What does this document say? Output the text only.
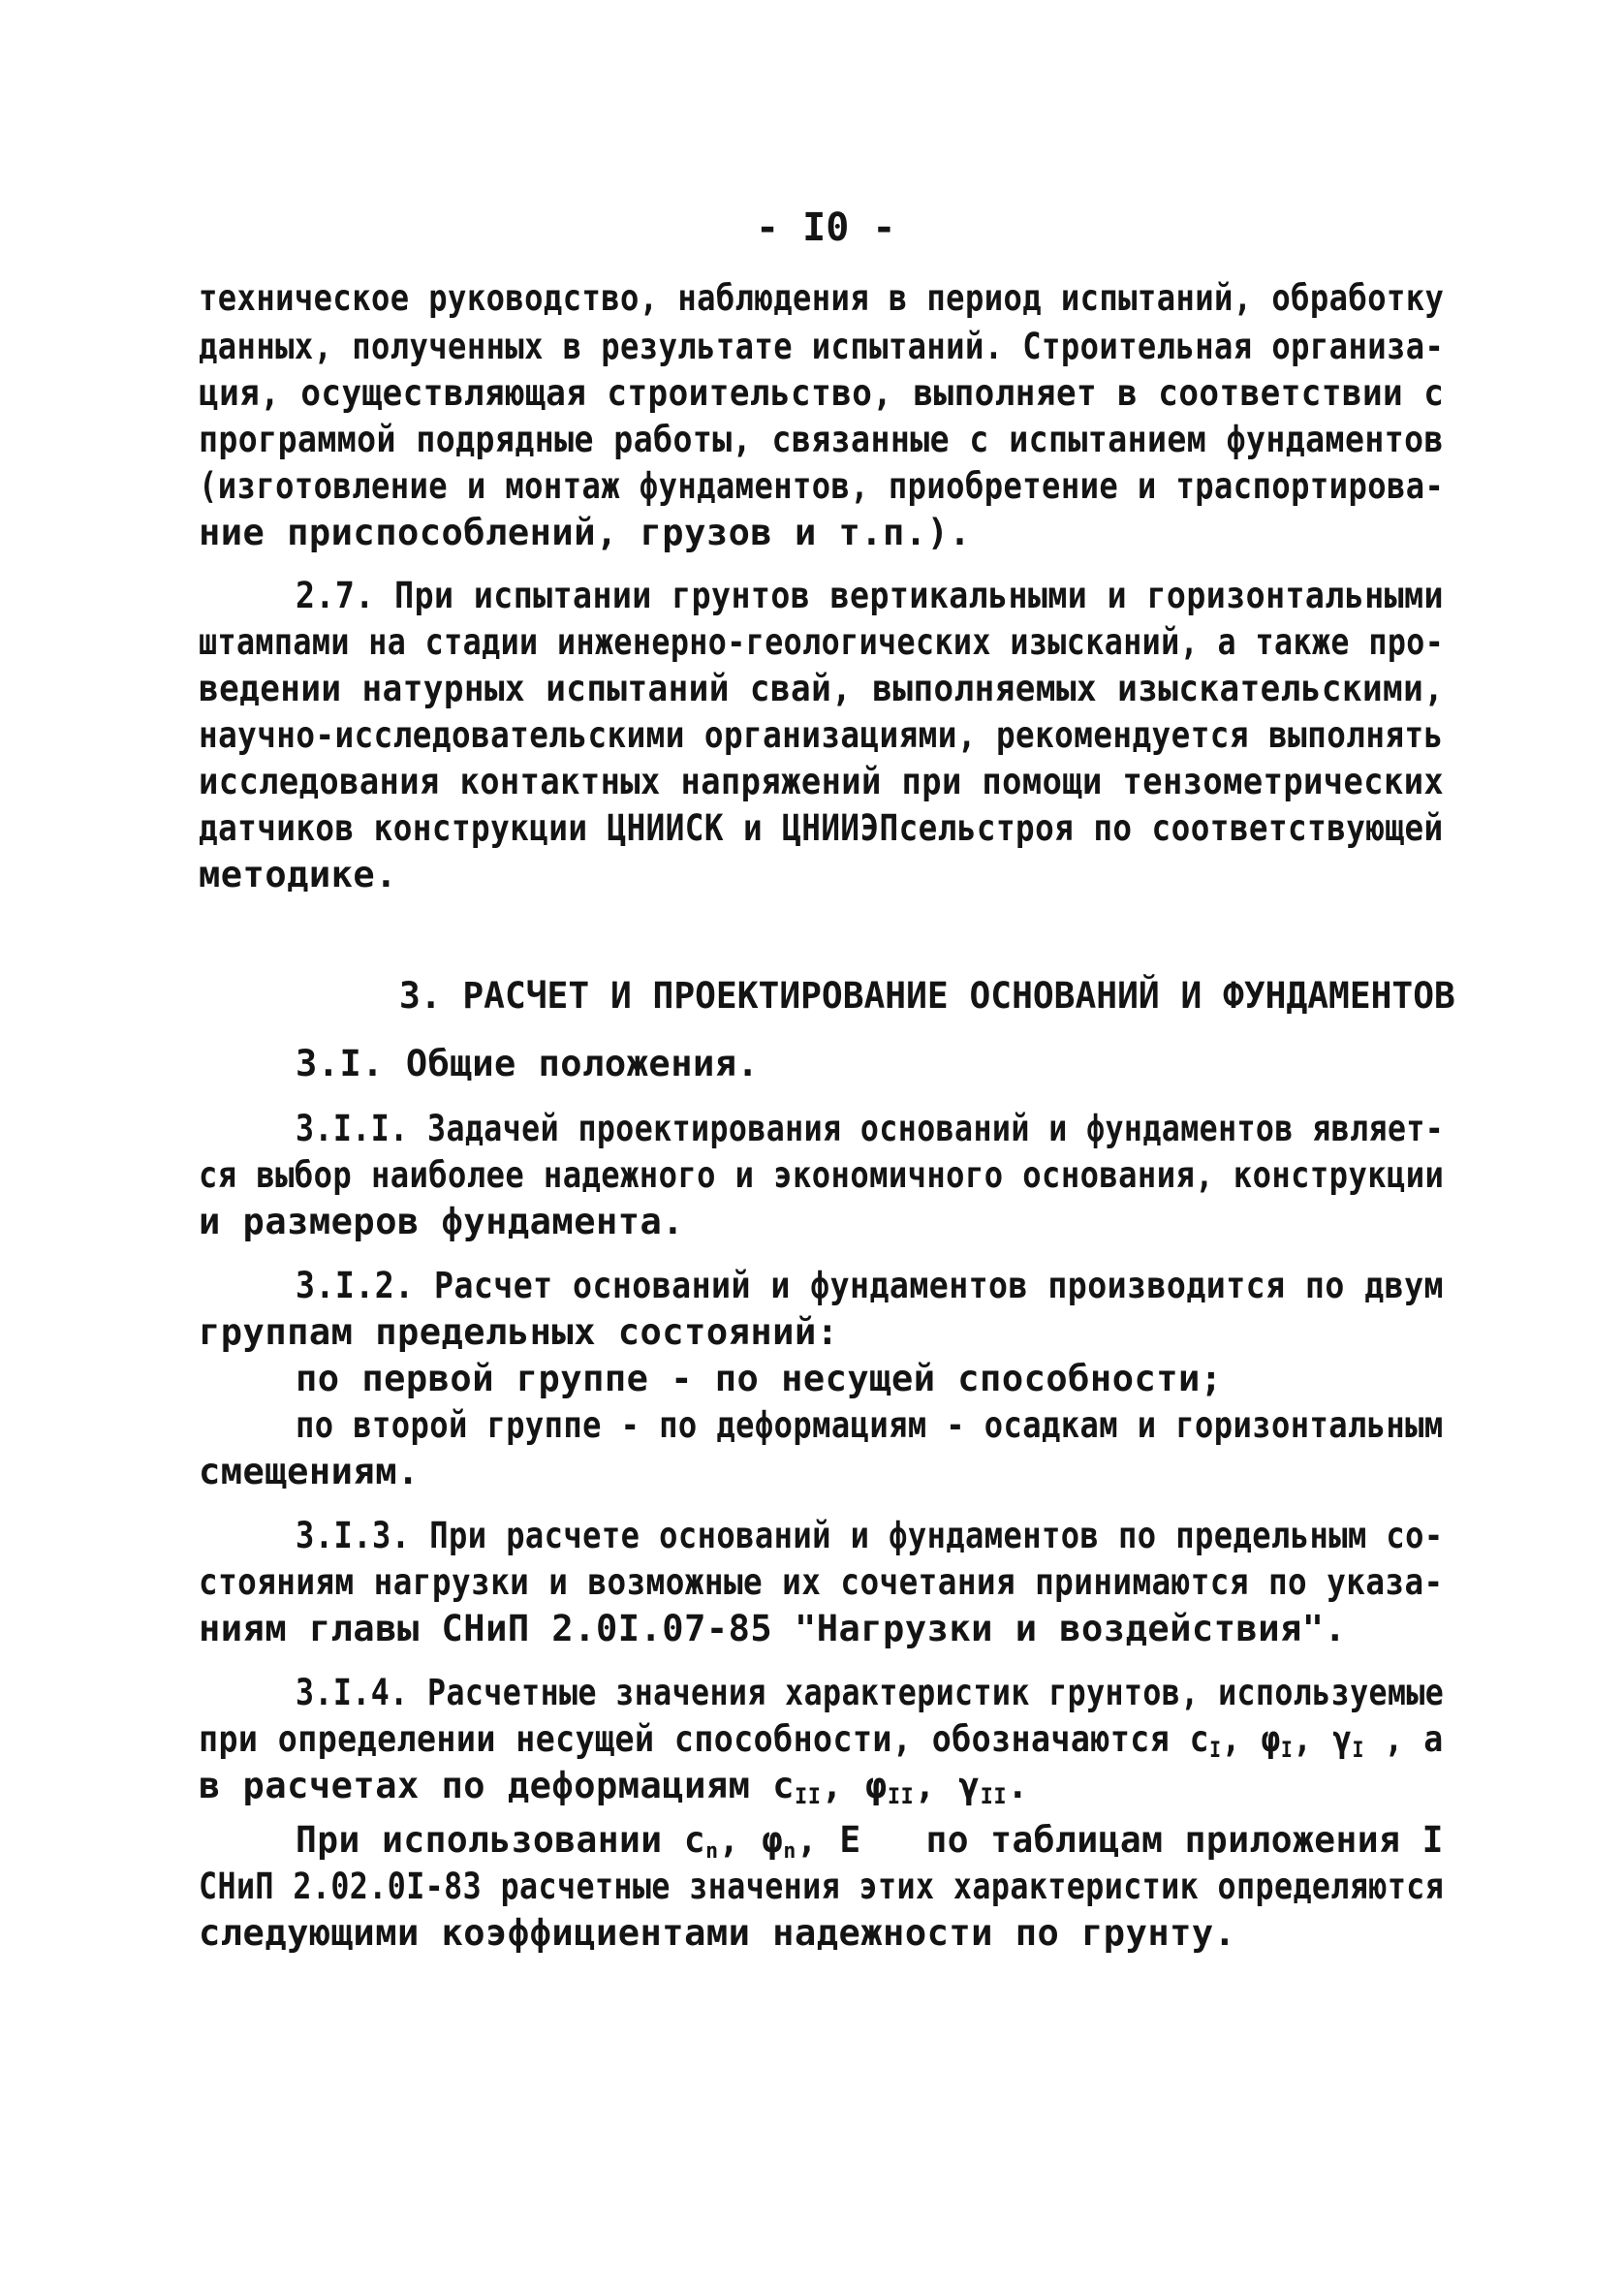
- I0 -
техническое руководство, наблюдения в период испытаний, обработку
данных, полученных в результате испытаний. Строительная организа-
ция, осуществляющая строительство, выполняет в соответствии с
программой подрядные работы, связанные с испытанием фундаментов
(изготовление и монтаж фундаментов, приобретение и траспортирова-
ние приспособлений, грузов и т.п.).
2.7. При испытании грунтов вертикальными и горизонтальными
штампами на стадии инженерно-геологических изысканий, а также про-
ведении натурных испытаний свай, выполняемых изыскательскими,
научно-исследовательскими организациями, рекомендуется выполнять
исследования контактных напряжений при помощи тензометрических
датчиков конструкции ЦНИИСК и ЦНИИЭПсельстроя по соответствующей
методике.
3. РАСЧЕТ И ПРОЕКТИРОВАНИЕ ОСНОВАНИЙ И ФУНДАМЕНТОВ
3.I. Общие положения.
3.I.I. Задачей проектирования оснований и фундаментов являет-
ся выбор наиболее надежного и экономичного основания, конструкции
и размеров фундамента.
3.I.2. Расчет оснований и фундаментов производится по двум
группам предельных состояний:
по первой группе - по несущей способности;
по второй группе - по деформациям - осадкам и горизонтальным
смещениям.
3.I.3. При расчете оснований и фундаментов по предельным со-
стояниям нагрузки и возможные их сочетания принимаются по указа-
ниям главы СНиП 2.0I.07-85 "Нагрузки и воздействия".
3.I.4. Расчетные значения характеристик грунтов, используемые
при определении несущей способности, обозначаются $c_I$, $\varphi_I$, $\gamma_I$ , а
в расчетах по деформациям $c_{II}$, $\varphi_{II}$, $\gamma_{II}$.
При использовании $c_n$, $\varphi_n$, E по таблицам приложения I
СНиП 2.02.0I-83 расчетные значения этих характеристик определяются
следующими коэффициентами надежности по грунту.
